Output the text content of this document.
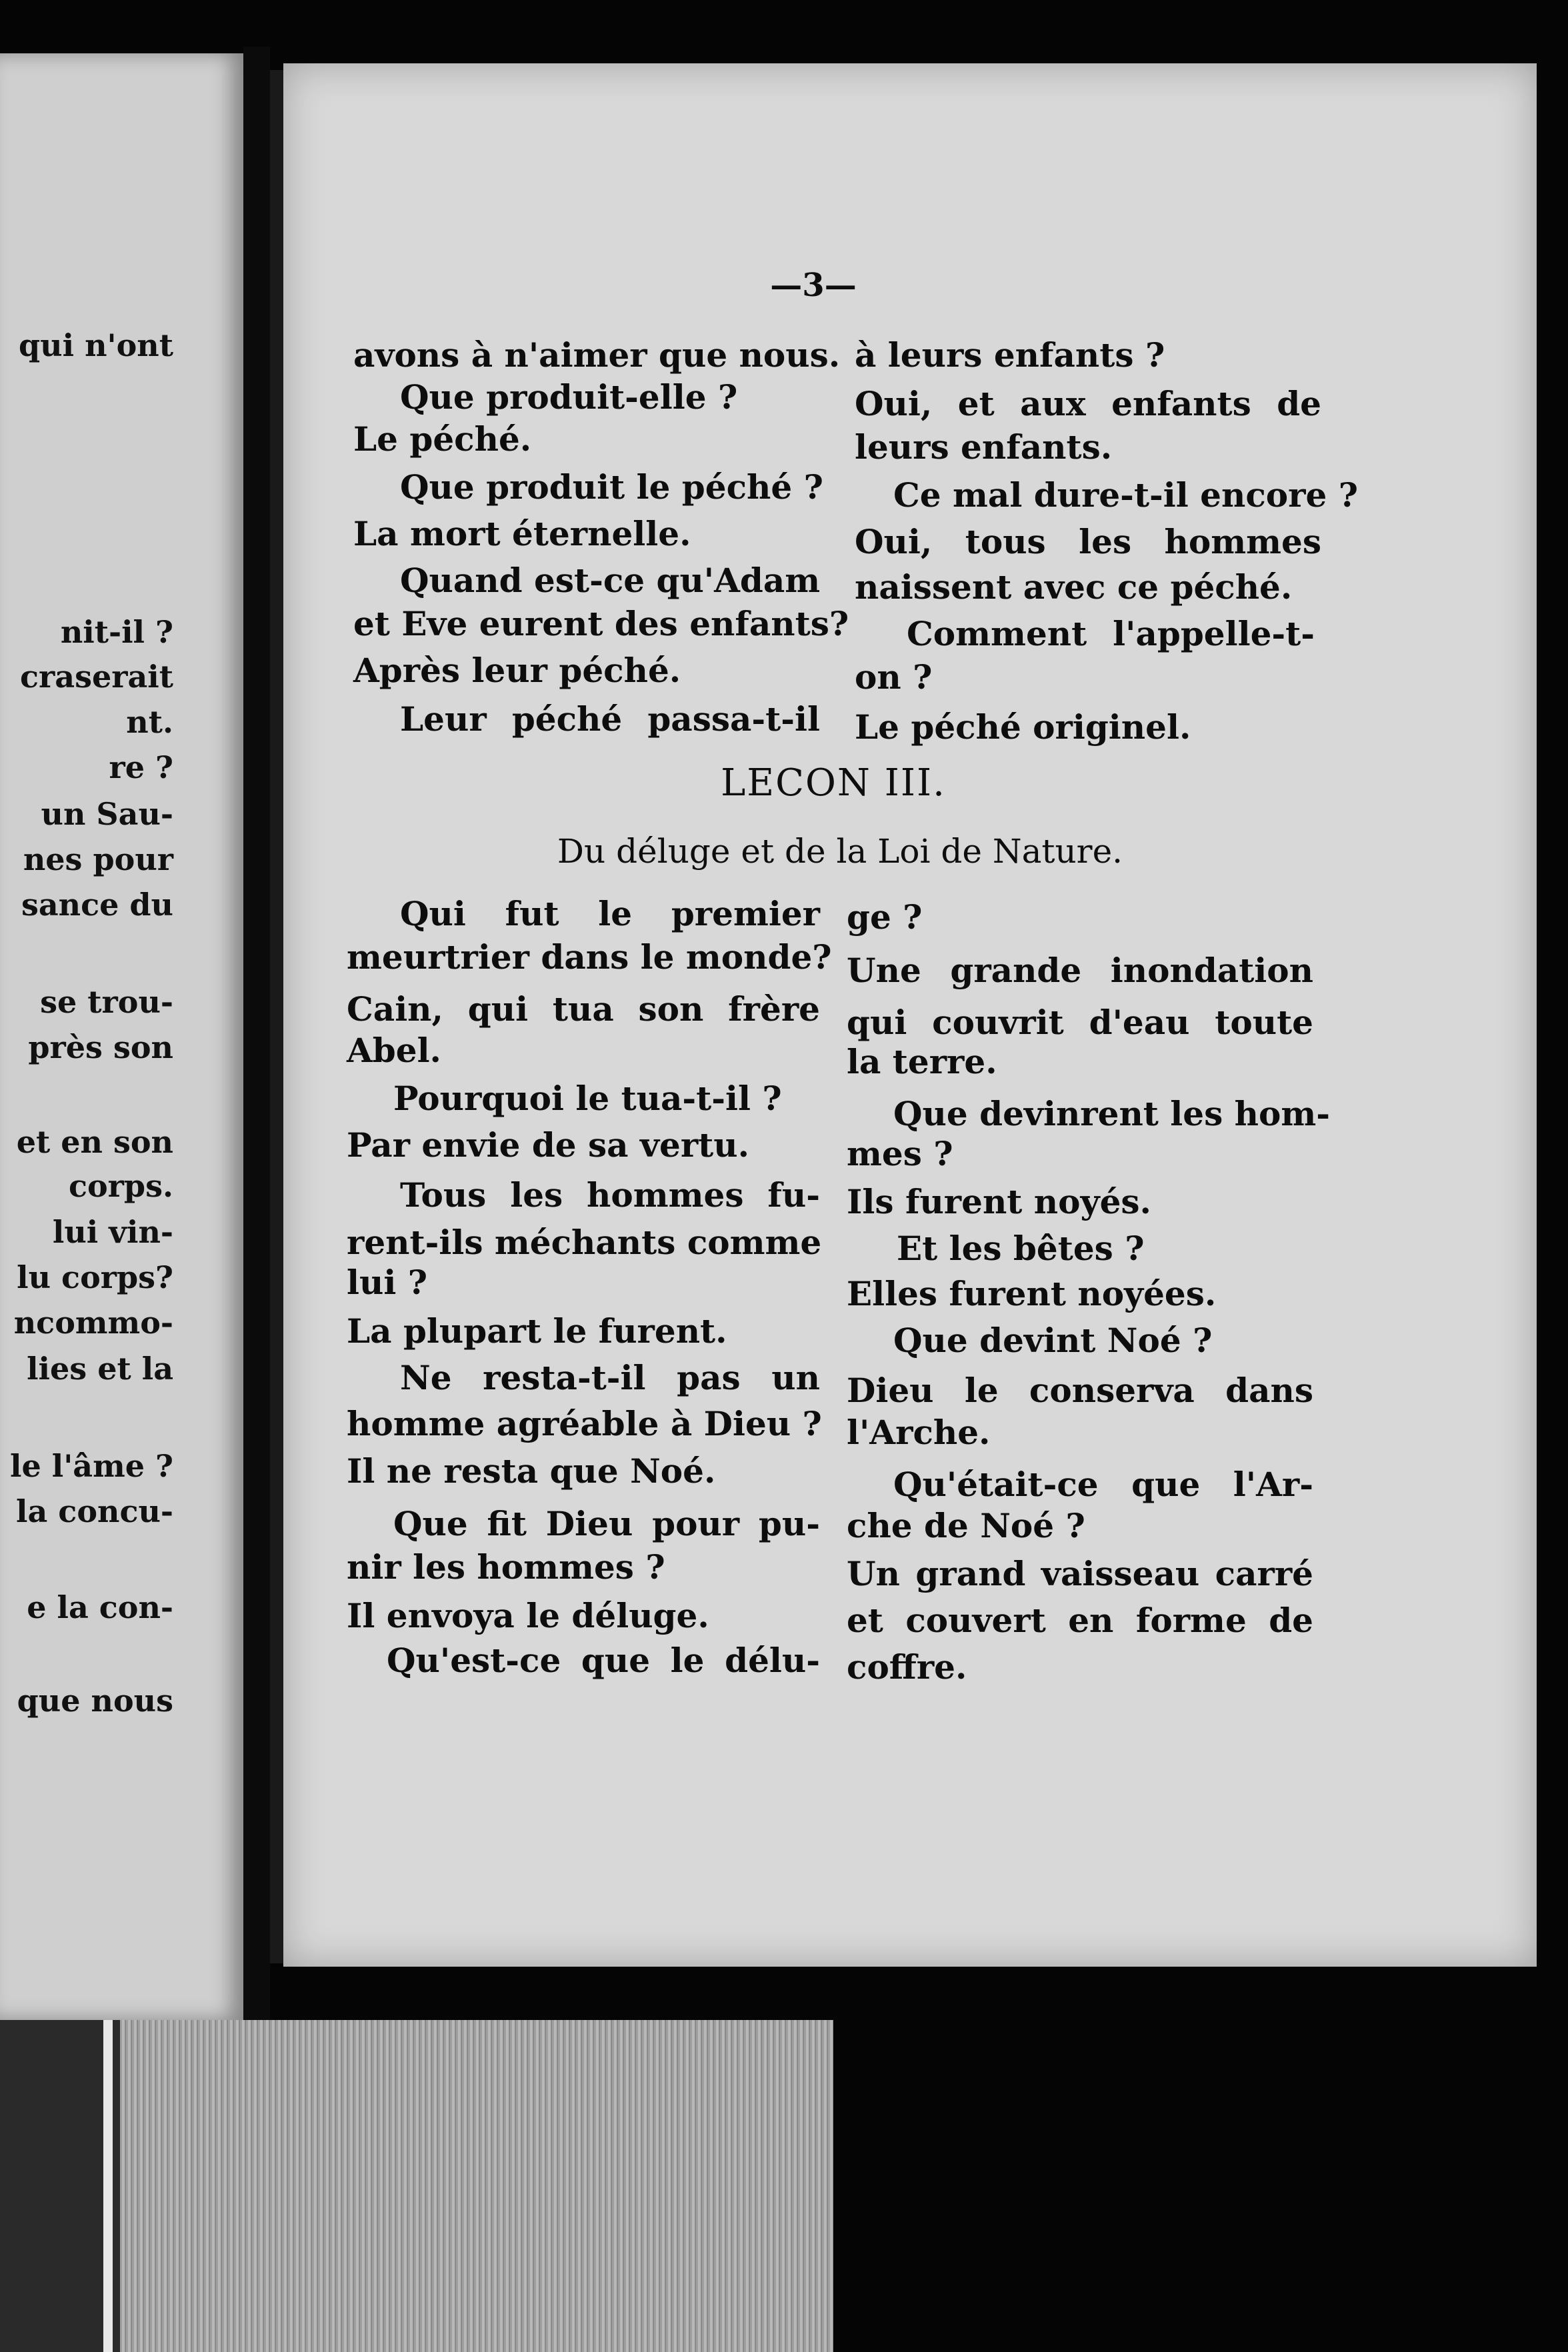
qui n'ont
nit-il ?
craserait
nt.
re ?
un Sau-
nes pour
sance du
se trou-
près son
et en son
corps.
lui vin-
lu corps?
ncommo-
lies et la
le l'âme ?
la concu-
e la con-
que nous
—3—
avons à n'aimer que nous.
Que produit-elle ?
Le péché.
Que produit le péché ?
La mort éternelle.
Quand est-ce qu'Adam
et Eve eurent des enfants?
Après leur péché.
Leur péché passa-t-il
à leurs enfants ?
Oui, et aux enfants de
leurs enfants.
Ce mal dure-t-il encore ?
Oui, tous les hommes
naissent avec ce péché.
Comment l'appelle-t-
on ?
Le péché originel.
LECON III.
Du déluge et de la Loi de Nature.
Qui fut le premier
meurtrier dans le monde?
Cain, qui tua son frère
Abel.
Pourquoi le tua-t-il ?
Par envie de sa vertu.
Tous les hommes fu-
rent-ils méchants comme
lui ?
La plupart le furent.
Ne resta-t-il pas un
homme agréable à Dieu ?
Il ne resta que Noé.
Que fit Dieu pour pu-
nir les hommes ?
Il envoya le déluge.
Qu'est-ce que le délu-
ge ?
Une grande inondation
qui couvrit d'eau toute
la terre.
Que devinrent les hom-
mes ?
Ils furent noyés.
Et les bêtes ?
Elles furent noyées.
Que devint Noé ?
Dieu le conserva dans
l'Arche.
Qu'était-ce que l'Ar-
che de Noé ?
Un grand vaisseau carré
et couvert en forme de
coffre.
